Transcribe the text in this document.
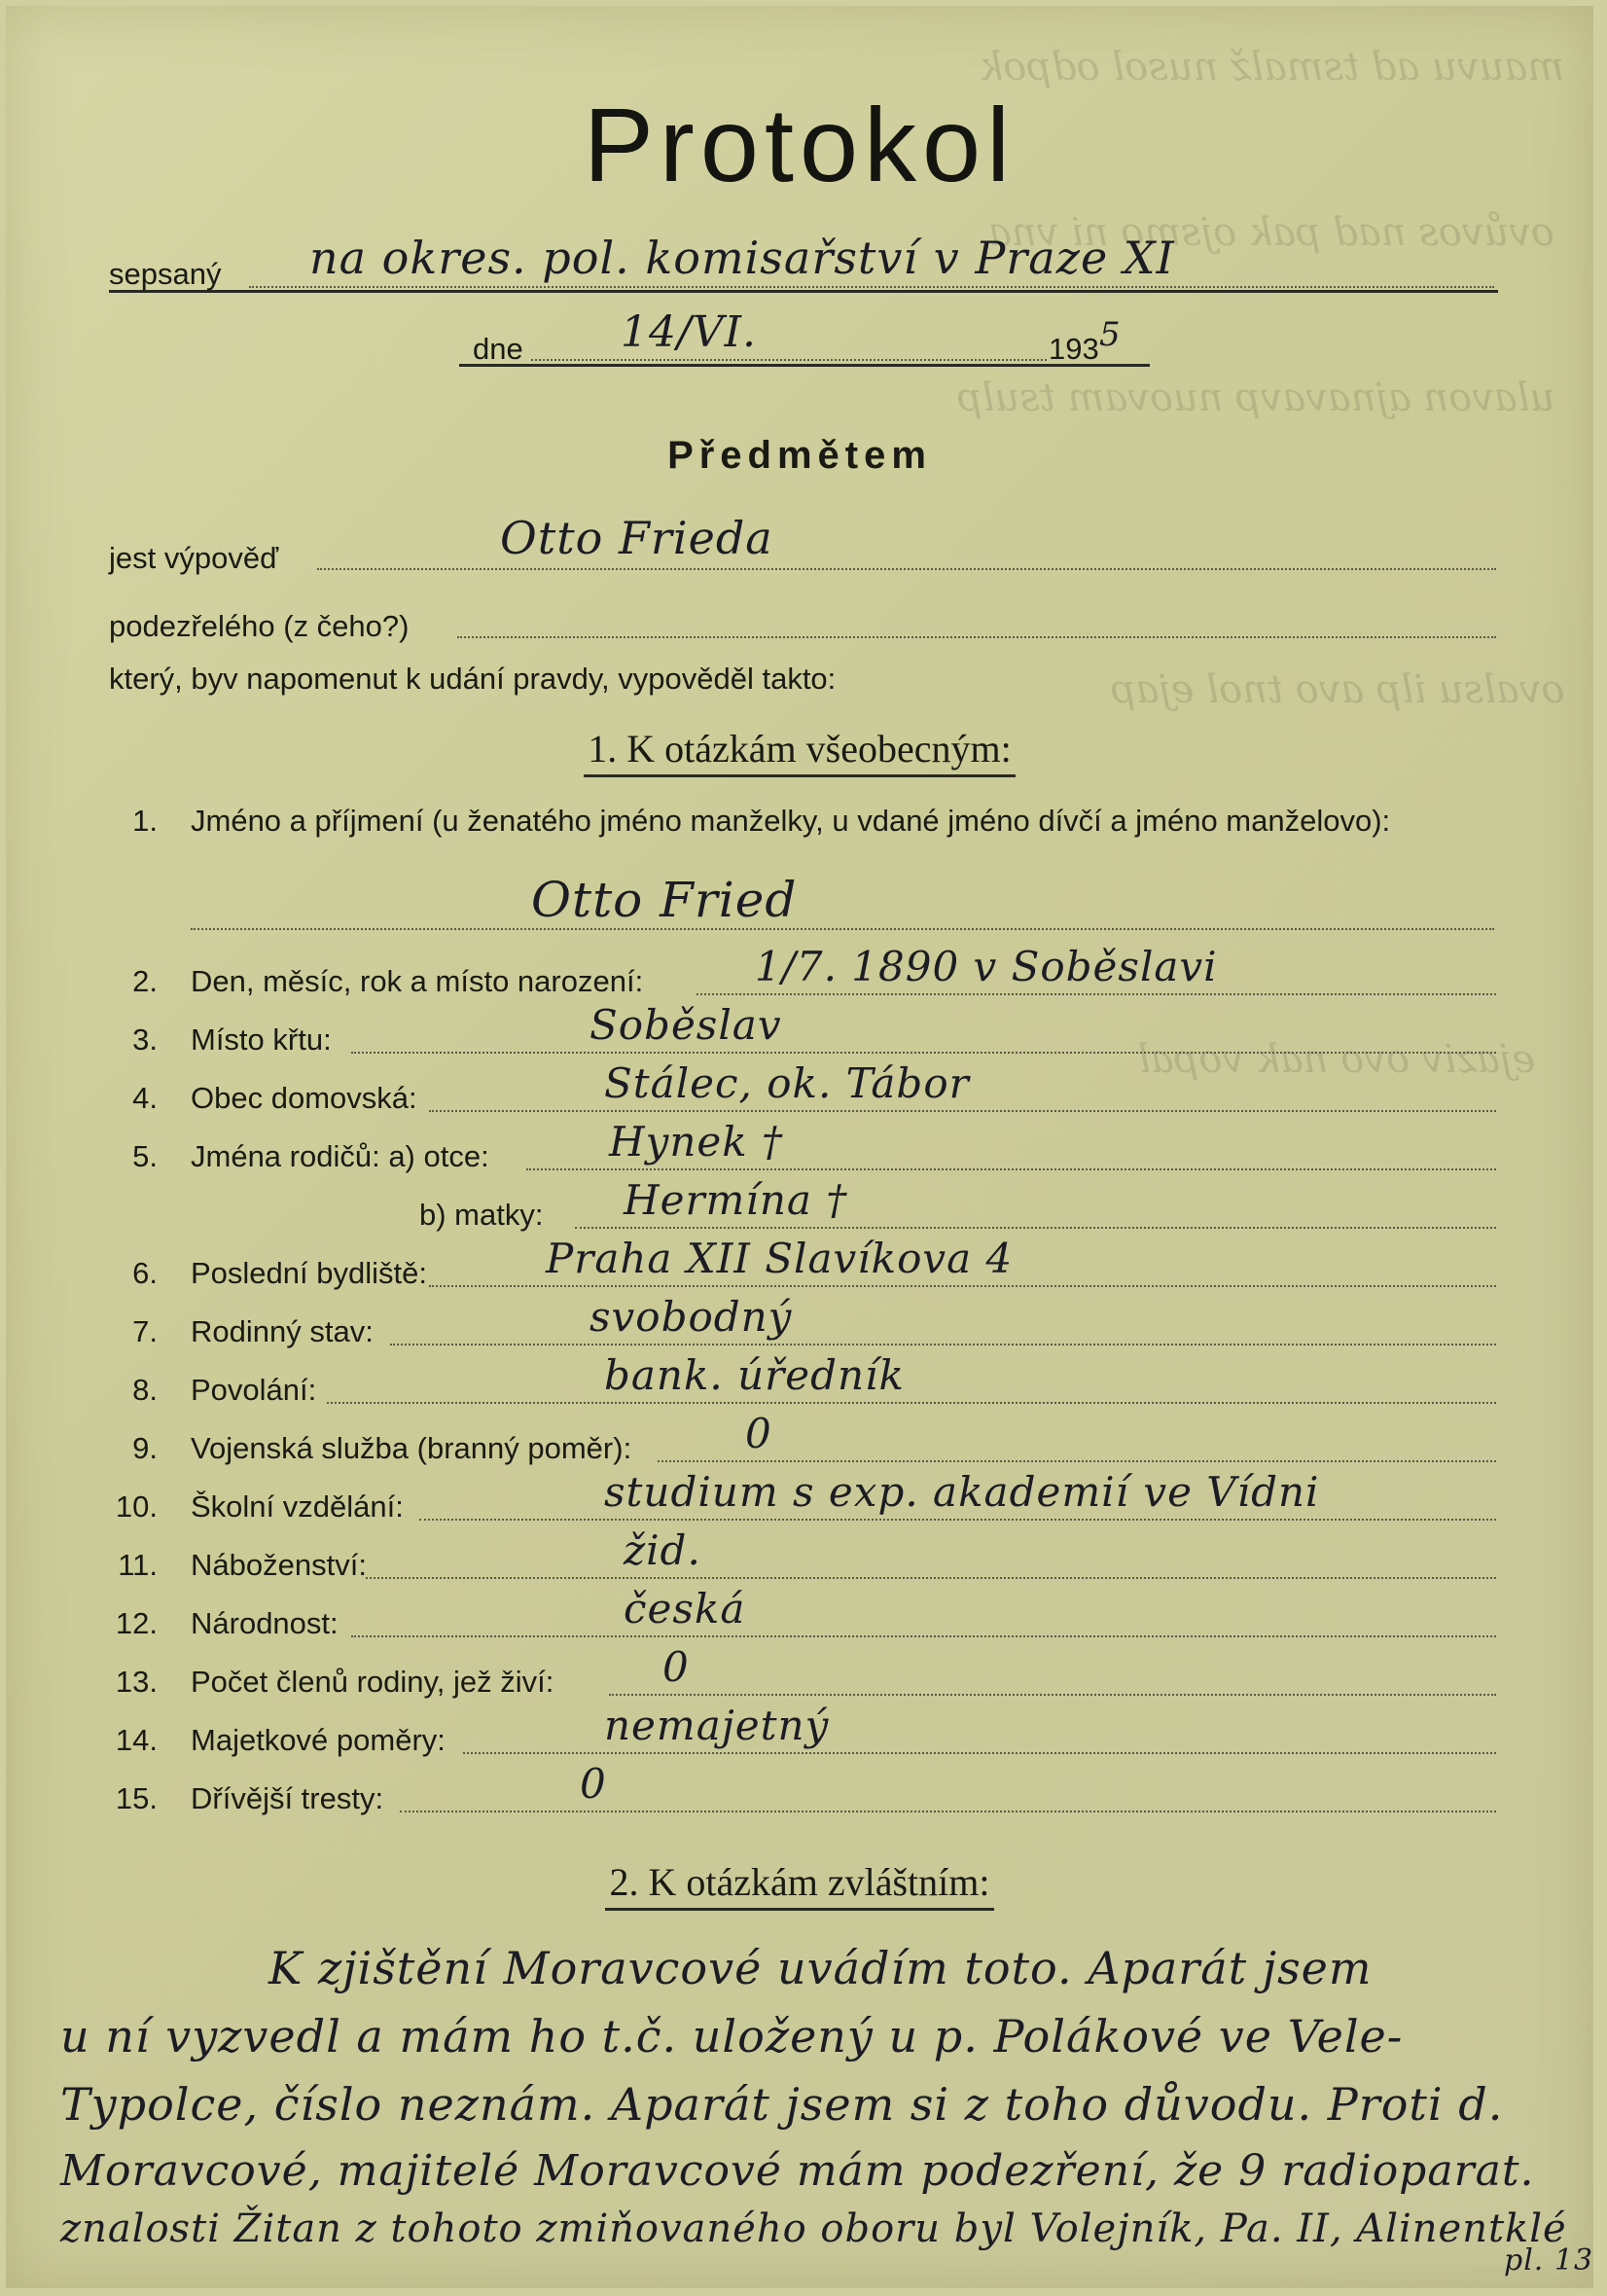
mauvu ad tsmalž nusol odpok
ovůvos nad pak ojsmo ni vna
ulavon ajnavavp nuovam tsulp
ovalsu ilp avo tnol ejap
ejaziv ovo nak vopal
Protokol
sepsaný na okres. pol. komisařství v Praze XI
dne 14/VI.	193 5
Předmětem
jest výpověď	Otto Frieda
podezřelého (z čeho?)
který, byv napomenut k udání pravdy, vypověděl takto:
1. K otázkám všeobecným:
1. Jméno a příjmení (u ženatého jméno manželky, u vdané jméno dívčí a jméno manželovo):
Otto Fried
2. Den, měsíc, rok a místo narození:	1/7. 1890 v Soběslavi
3. Místo křtu:	Soběslav
4. Obec domovská:	Stálec, ok. Tábor
5. Jména rodičů: a) otce:	Hynek †
b) matky: Hermína †
6. Poslední bydliště:	Praha XII Slavíkova 4
7. Rodinný stav:	svobodný
8. Povolání:	bank. úředník
9. Vojenská služba (branný poměr):	0
10. Školní vzdělání:	studium s exp. akademií ve Vídni
11. Náboženství:	žid.
12. Národnost:	česká
13. Počet členů rodiny, jež živí:	0
14. Majetkové poměry:	nemajetný
15. Dřívější tresty:	0
2. K otázkám zvláštním:
K zjištění Moravcové uvádím toto. Aparát jsem
u ní vyzvedl a mám ho t.č. uložený u p. Polákové ve Vele-
Typolce, číslo neznám. Aparát jsem si z toho důvodu. Proti d.
Moravcové, majitelé Moravcové mám podezření, že 9 radioparat.
znalosti Žitan z tohoto zmiňovaného oboru byl Volejník, Pa. II, Alinentklé
pl. 13
